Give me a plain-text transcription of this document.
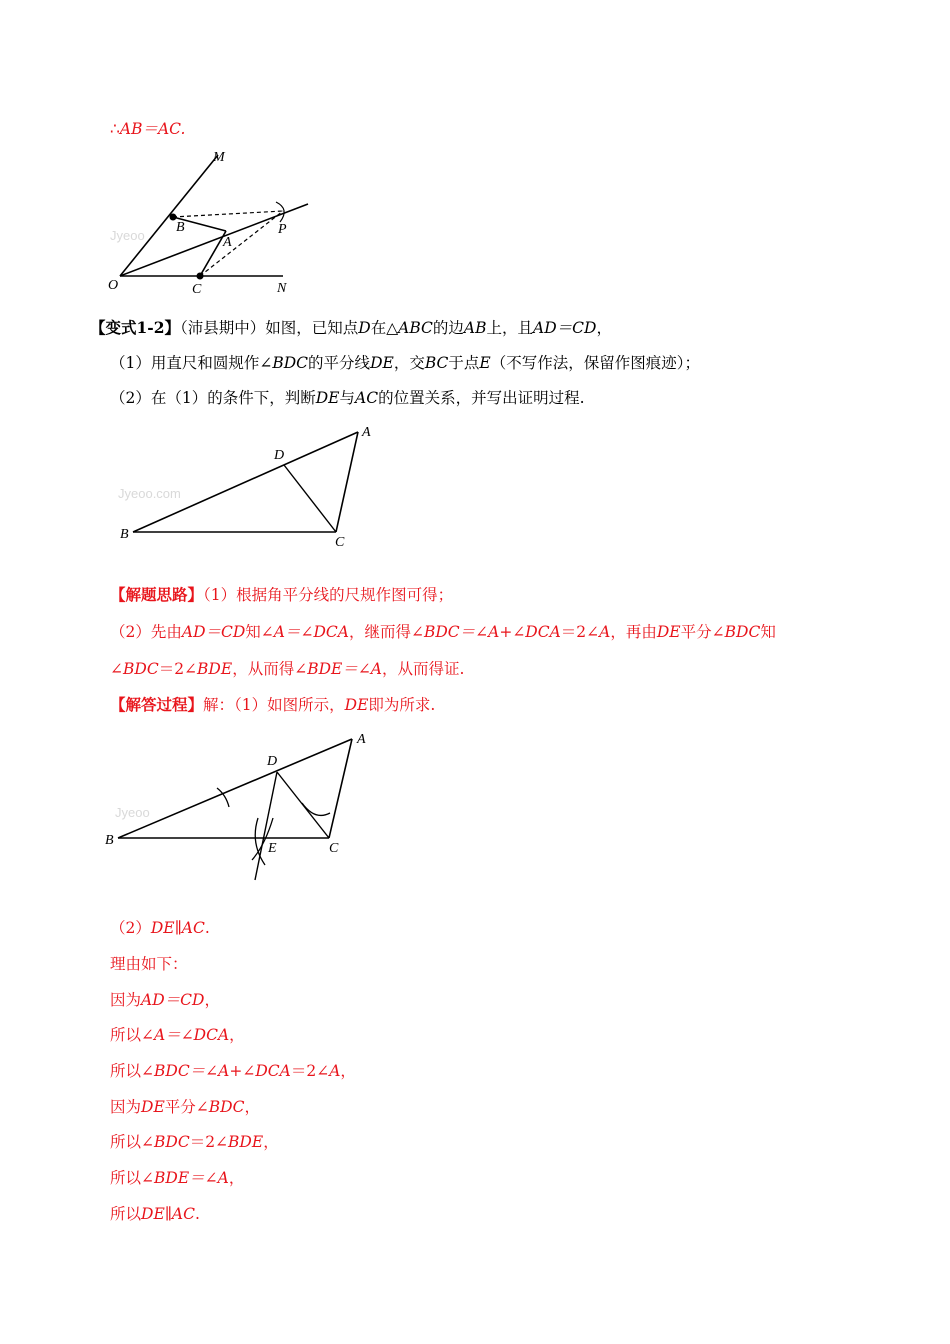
∴AB＝AC.
Jyeoo
M
B
A
P
O	C	N
【变式1-2】（沛县期中）如图，已知点D在△ABC的边AB上，且AD＝CD，
（1）用直尺和圆规作∠BDC的平分线DE，交BC于点E（不写作法，保留作图痕迹）；
（2）在（1）的条件下，判断DE与AC的位置关系，并写出证明过程.
Jyeoo.com
A
D
B
C
【解题思路】（1）根据角平分线的尺规作图可得；
（2）先由AD＝CD知∠A＝∠DCA，继而得∠BDC＝∠A+∠DCA＝2∠A，再由DE平分∠BDC知
∠BDC＝2∠BDE，从而得∠BDE＝∠A，从而得证.
【解答过程】解：（1）如图所示，DE即为所求.
Jyeoo
A
D
B
E	C
（2）DE∥AC.
理由如下：
因为AD＝CD，
所以∠A＝∠DCA，
所以∠BDC＝∠A+∠DCA＝2∠A，
因为DE平分∠BDC，
所以∠BDC＝2∠BDE，
所以∠BDE＝∠A，
所以DE∥AC.
